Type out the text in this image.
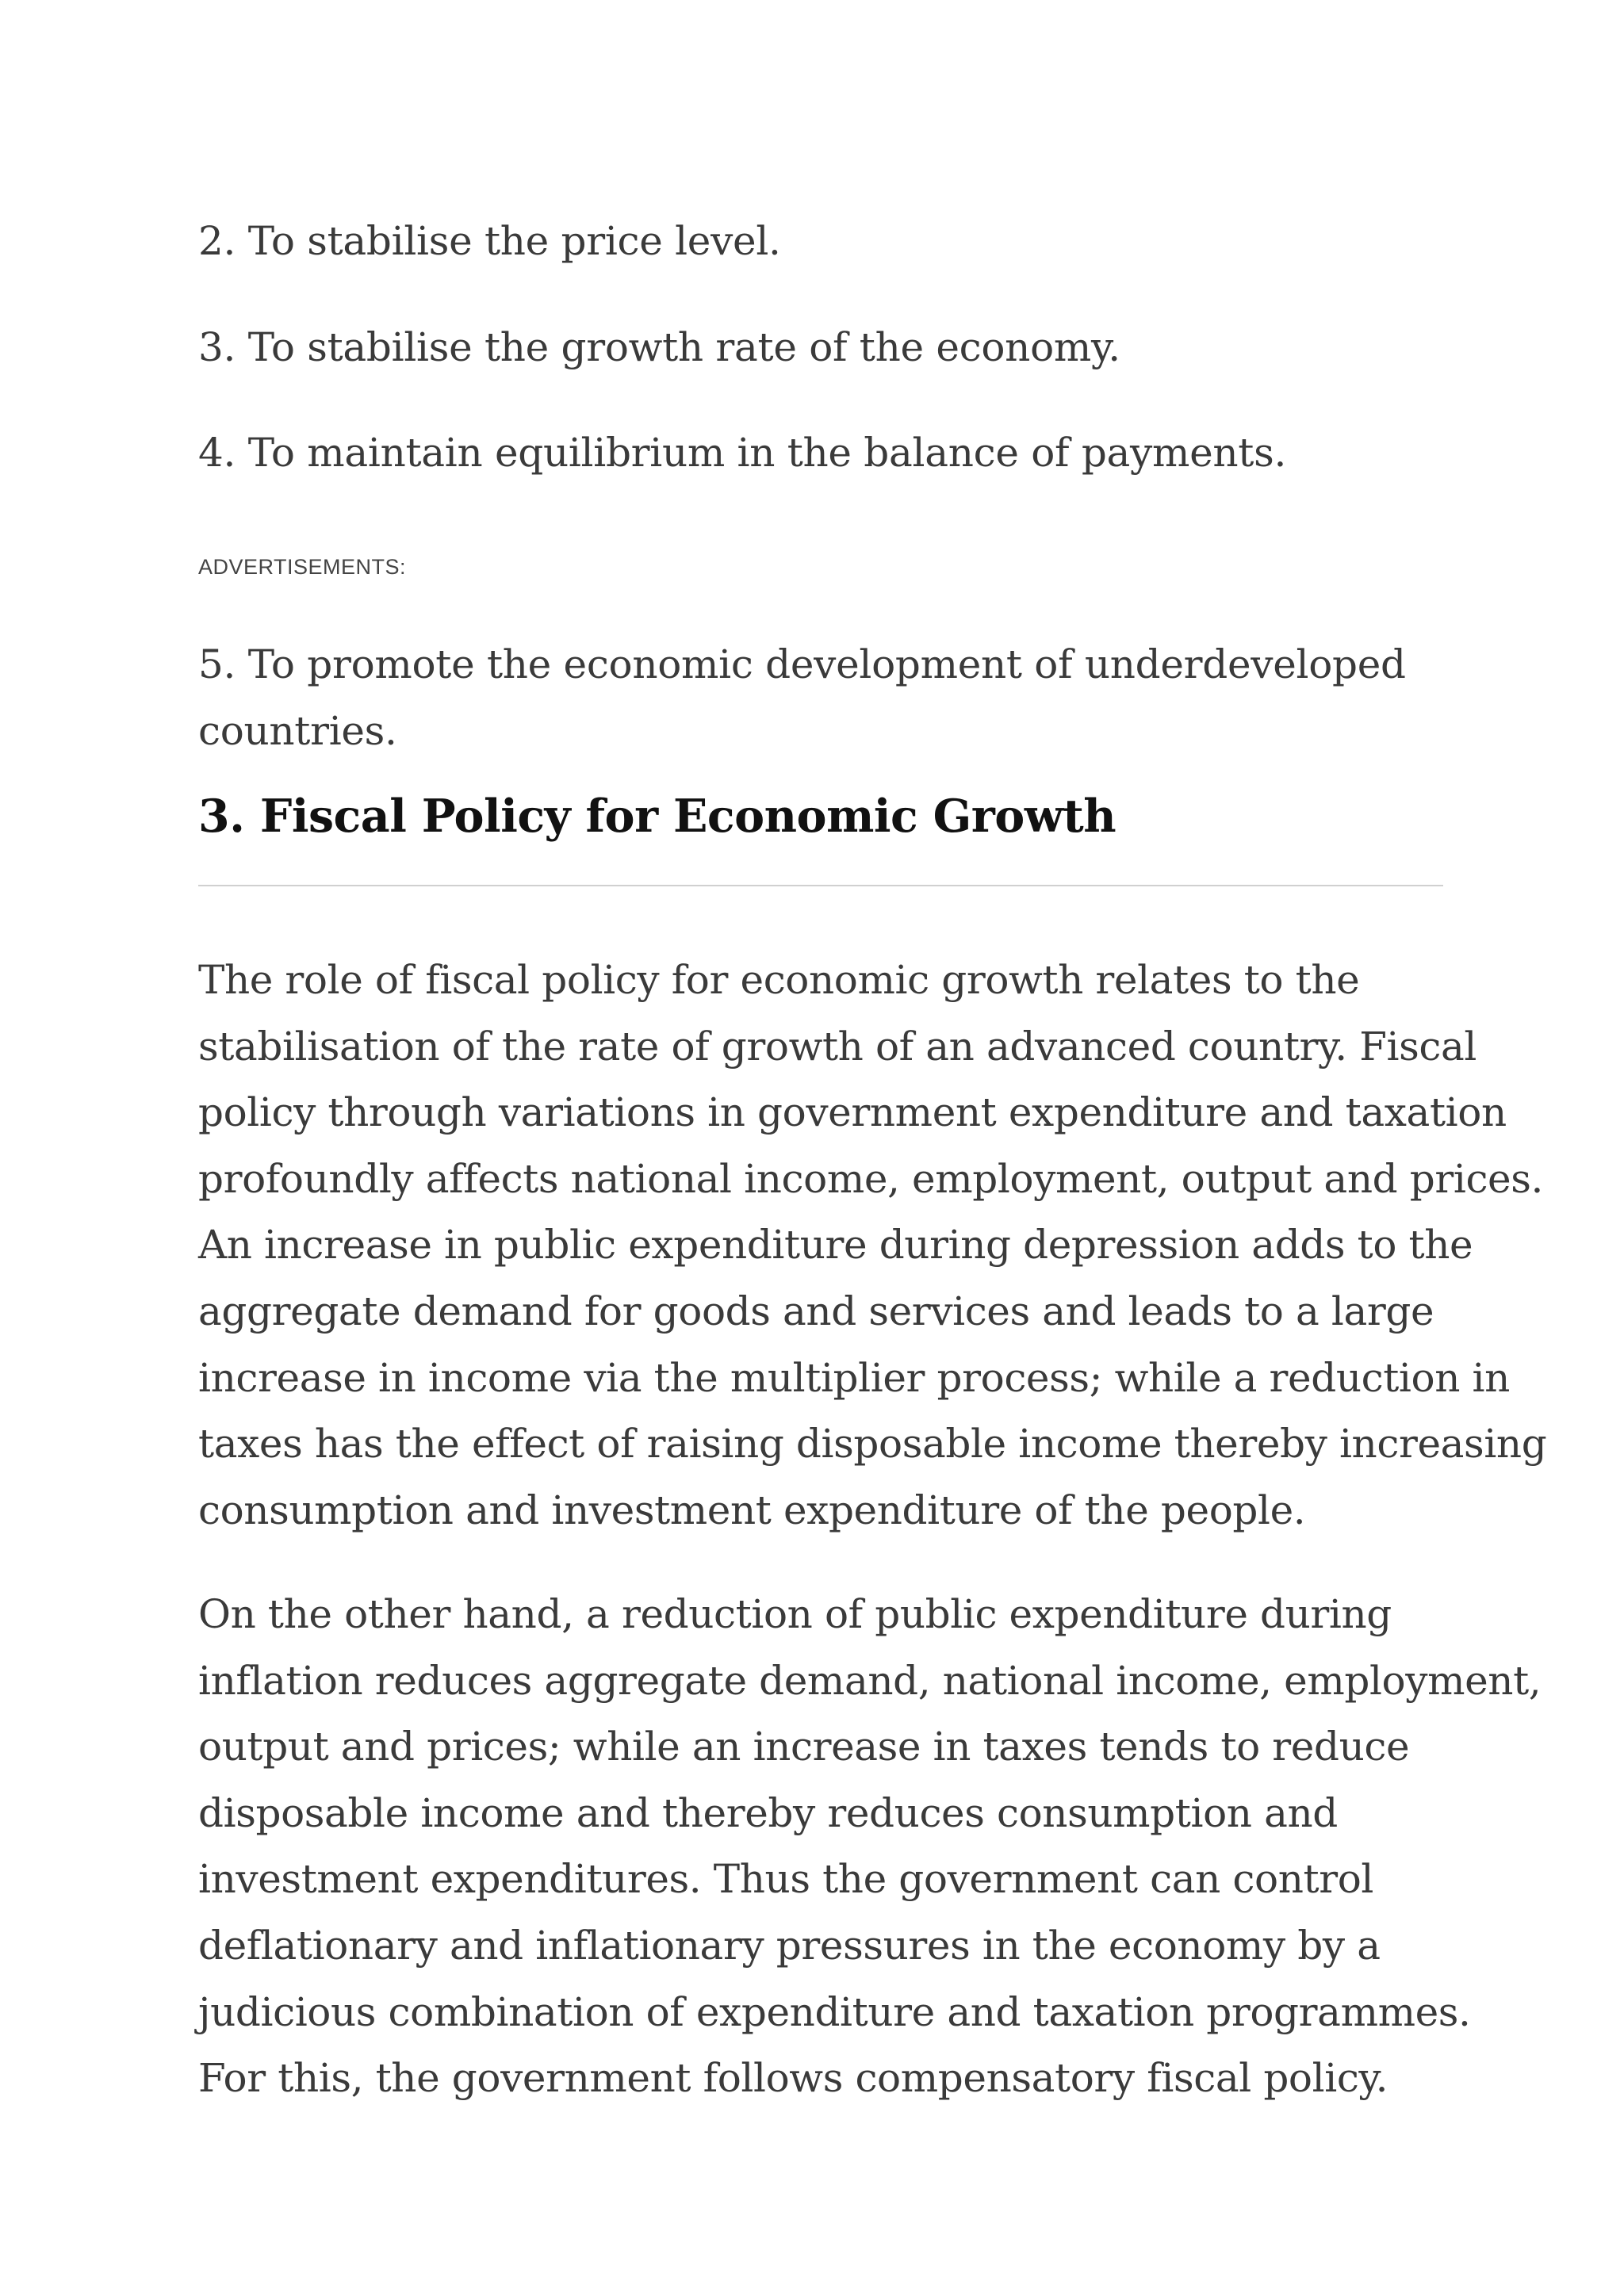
2. To stabilise the price level.

3. To stabilise the growth rate of the economy.

4. To maintain equilibrium in the balance of payments.

ADVERTISEMENTS:

5. To promote the economic development of underdeveloped
countries.

3. Fiscal Policy for Economic Growth

The role of fiscal policy for economic growth relates to the
stabilisation of the rate of growth of an advanced country. Fiscal
policy through variations in government expenditure and taxation
profoundly affects national income, employment, output and prices.
An increase in public expenditure during depression adds to the
aggregate demand for goods and services and leads to a large
increase in income via the multiplier process; while a reduction in
taxes has the effect of raising disposable income thereby increasing
consumption and investment expenditure of the people.

On the other hand, a reduction of public expenditure during
inflation reduces aggregate demand, national income, employment,
output and prices; while an increase in taxes tends to reduce
disposable income and thereby reduces consumption and
investment expenditures. Thus the government can control
deflationary and inflationary pressures in the economy by a
judicious combination of expenditure and taxation programmes.
For this, the government follows compensatory fiscal policy.
